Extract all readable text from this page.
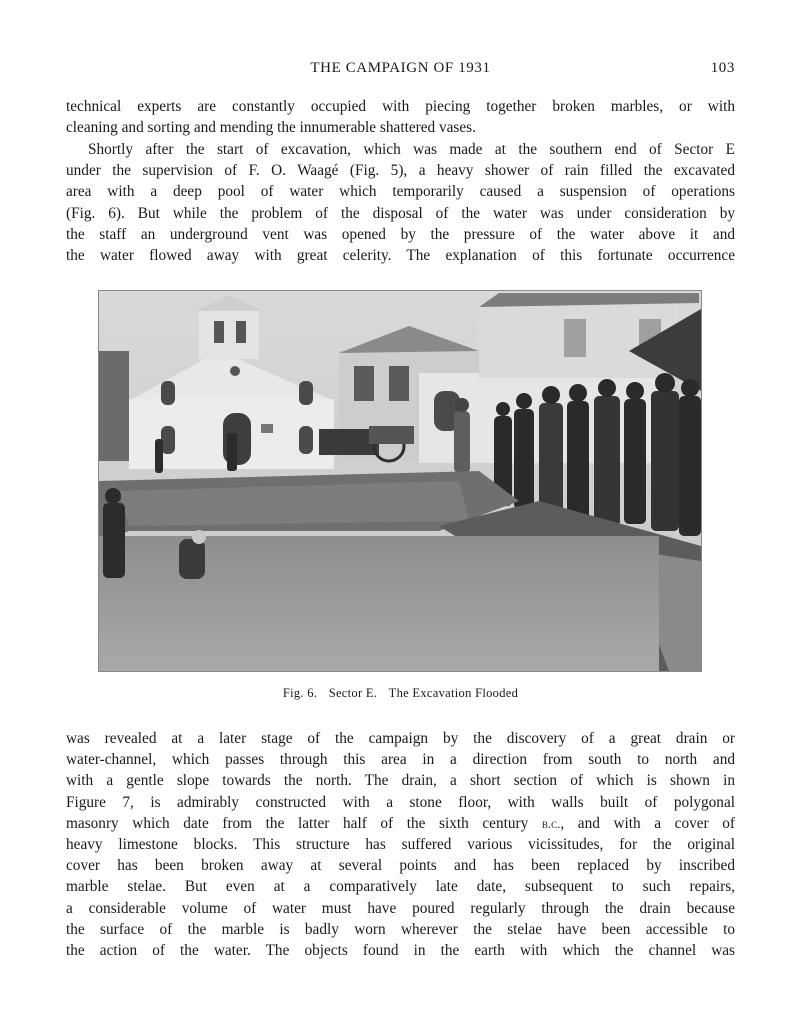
THE CAMPAIGN OF 1931	103
technical experts are constantly occupied with piecing together broken marbles, or with
cleaning and sorting and mending the innumerable shattered vases.
Shortly after the start of excavation, which was made at the southern end of Sector E
under the supervision of F. O. Waagé (Fig. 5), a heavy shower of rain filled the excavated
area with a deep pool of water which temporarily caused a suspension of operations
(Fig. 6). But while the problem of the disposal of the water was under consideration by
the staff an underground vent was opened by the pressure of the water above it and
the water flowed away with great celerity. The explanation of this fortunate occurrence
Fig. 6. Sector E. The Excavation Flooded
was revealed at a later stage of the campaign by the discovery of a great drain or
water-channel, which passes through this area in a direction from south to north and
with a gentle slope towards the north. The drain, a short section of which is shown in
Figure 7, is admirably constructed with a stone floor, with walls built of polygonal
masonry which date from the latter half of the sixth century b.c., and with a cover of
heavy limestone blocks. This structure has suffered various vicissitudes, for the original
cover has been broken away at several points and has been replaced by inscribed
marble stelae. But even at a comparatively late date, subsequent to such repairs,
a considerable volume of water must have poured regularly through the drain because
the surface of the marble is badly worn wherever the stelae have been accessible to
the action of the water. The objects found in the earth with which the channel was
